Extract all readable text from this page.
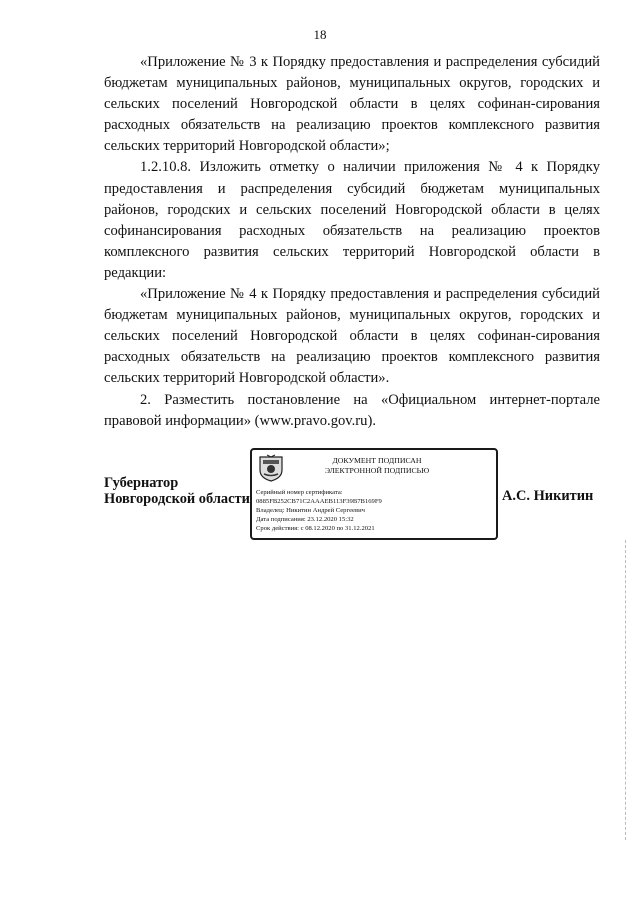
18

«Приложение № 3 к Порядку предоставления и распределения субсидий бюджетам муниципальных районов, муниципальных округов, городских и сельских поселений Новгородской области в целях софинан-сирования расходных обязательств на реализацию проектов комплексного развития сельских территорий Новгородской области»;

1.2.10.8. Изложить отметку о наличии приложения № 4 к Порядку предоставления и распределения субсидий бюджетам муниципальных районов, городских и сельских поселений Новгородской области в целях софинансирования расходных обязательств на реализацию проектов комплексного развития сельских территорий Новгородской области в редакции:

«Приложение № 4 к Порядку предоставления и распределения субсидий бюджетам муниципальных районов, муниципальных округов, городских и сельских поселений Новгородской области в целях софинан-сирования расходных обязательств на реализацию проектов комплексного развития сельских территорий Новгородской области».

2. Разместить постановление на «Официальном интернет-портале правовой информации» (www.pravo.gov.ru).

Губернатор
Новгородской области
ДОКУМЕНТ ПОДПИСАН
ЭЛЕКТРОННОЙ ПОДПИСЬЮ
Серийный номер сертификата:
0885FB252CB71C2AAAEB113F39B7B169F9
Владелец: Никитин Андрей Сергеевич
Дата подписания: 23.12.2020 15:32
Срок действия: с 08.12.2020 по 31.12.2021
А.С. Никитин
